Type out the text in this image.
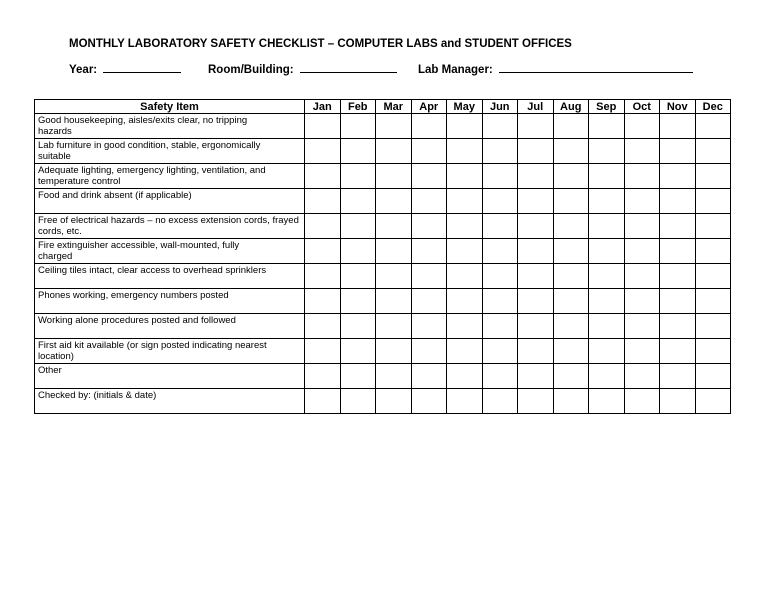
MONTHLY LABORATORY SAFETY CHECKLIST – COMPUTER LABS and STUDENT OFFICES
Year:	Room/Building:	Lab Manager:
Safety Item	Jan	Feb	Mar	Apr	May	Jun	Jul	Aug	Sep	Oct	Nov	Dec

Good housekeeping, aisles/exits clear, no tripping
hazards												

Lab furniture in good condition, stable, ergonomically
suitable												

Adequate lighting, emergency lighting, ventilation, and
temperature control												

Food and drink absent (if applicable)												

Free of electrical hazards – no excess extension cords, frayed cords, etc.												

Fire extinguisher accessible, wall-mounted, fully
charged												

Ceiling tiles intact, clear access to overhead sprinklers												

Phones working, emergency numbers posted												

Working alone procedures posted and followed												

First aid kit available (or sign posted indicating nearest location)												

Other												

Checked by: (initials & date)												
